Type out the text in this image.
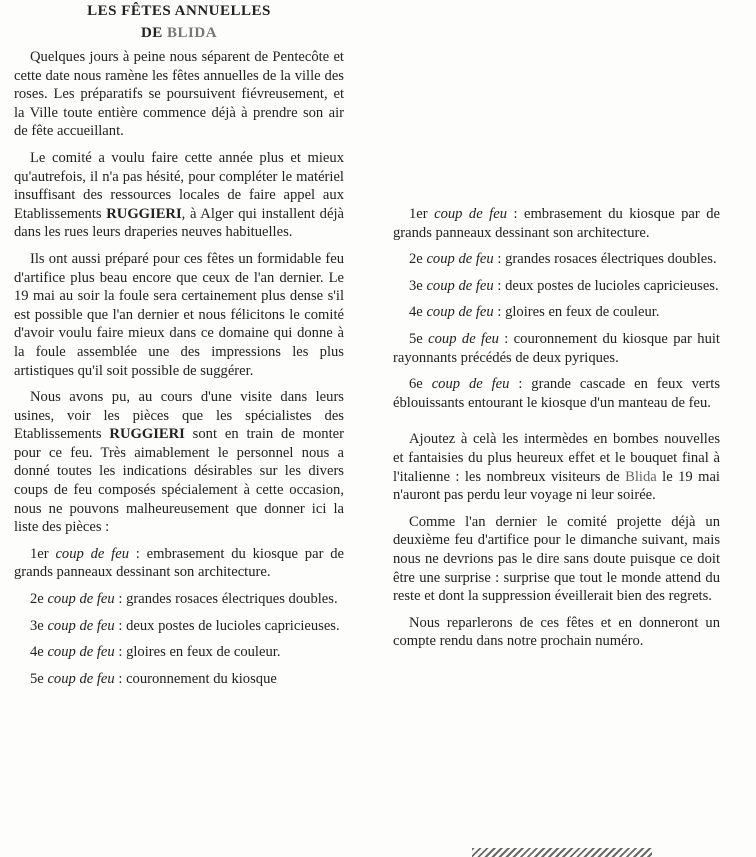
LES FÊTES ANNUELLES
DE BLIDA

Quelques jours à peine nous séparent de Pentecôte et cette date nous ramène les fêtes annuelles de la ville des roses. Les préparatifs se poursuivent fiévreusement, et la Ville toute entière commence déjà à prendre son air de fête accueillant.

Le comité a voulu faire cette année plus et mieux qu'autrefois, il n'a pas hésité, pour compléter le matériel insuffisant des ressources locales de faire appel aux Etablissements RUGGIERI, à Alger qui installent déjà dans les rues leurs draperies neuves habituelles.

Ils ont aussi préparé pour ces fêtes un formidable feu d'artifice plus beau encore que ceux de l'an dernier. Le 19 mai au soir la foule sera certainement plus dense s'il est possible que l'an dernier et nous félicitons le comité d'avoir voulu faire mieux dans ce domaine qui donne à la foule assemblée une des impressions les plus artistiques qu'il soit possible de suggérer.

Nous avons pu, au cours d'une visite dans leurs usines, voir les pièces que les spécialistes des Etablissements RUGGIERI sont en train de monter pour ce feu. Très aimablement le personnel nous a donné toutes les indications désirables sur les divers coups de feu composés spécialement à cette occasion, nous ne pouvons malheureusement que donner ici la liste des pièces :

1er coup de feu : embrasement du kiosque par de grands panneaux dessinant son architecture.

2e coup de feu : grandes rosaces électriques doubles.

3e coup de feu : deux postes de lucioles capricieuses.

4e coup de feu : gloires en feux de couleur.

5e coup de feu : couronnement du kiosque

1er coup de feu : embrasement du kiosque par de grands panneaux dessinant son architecture.

2e coup de feu : grandes rosaces électriques doubles.

3e coup de feu : deux postes de lucioles capricieuses.

4e coup de feu : gloires en feux de couleur.

5e coup de feu : couronnement du kiosque par huit rayonnants précédés de deux pyriques.

6e coup de feu : grande cascade en feux verts éblouissants entourant le kiosque d'un manteau de feu.

Ajoutez à celà les intermèdes en bombes nouvelles et fantaisies du plus heureux effet et le bouquet final à l'italienne : les nombreux visiteurs de Blida le 19 mai n'auront pas perdu leur voyage ni leur soirée.

Comme l'an dernier le comité projette déjà un deuxième feu d'artifice pour le dimanche suivant, mais nous ne devrions pas le dire sans doute puisque ce doit être une surprise : surprise que tout le monde attend du reste et dont la suppression éveillerait bien des regrets.

Nous reparlerons de ces fêtes et en donneront un compte rendu dans notre prochain numéro.
